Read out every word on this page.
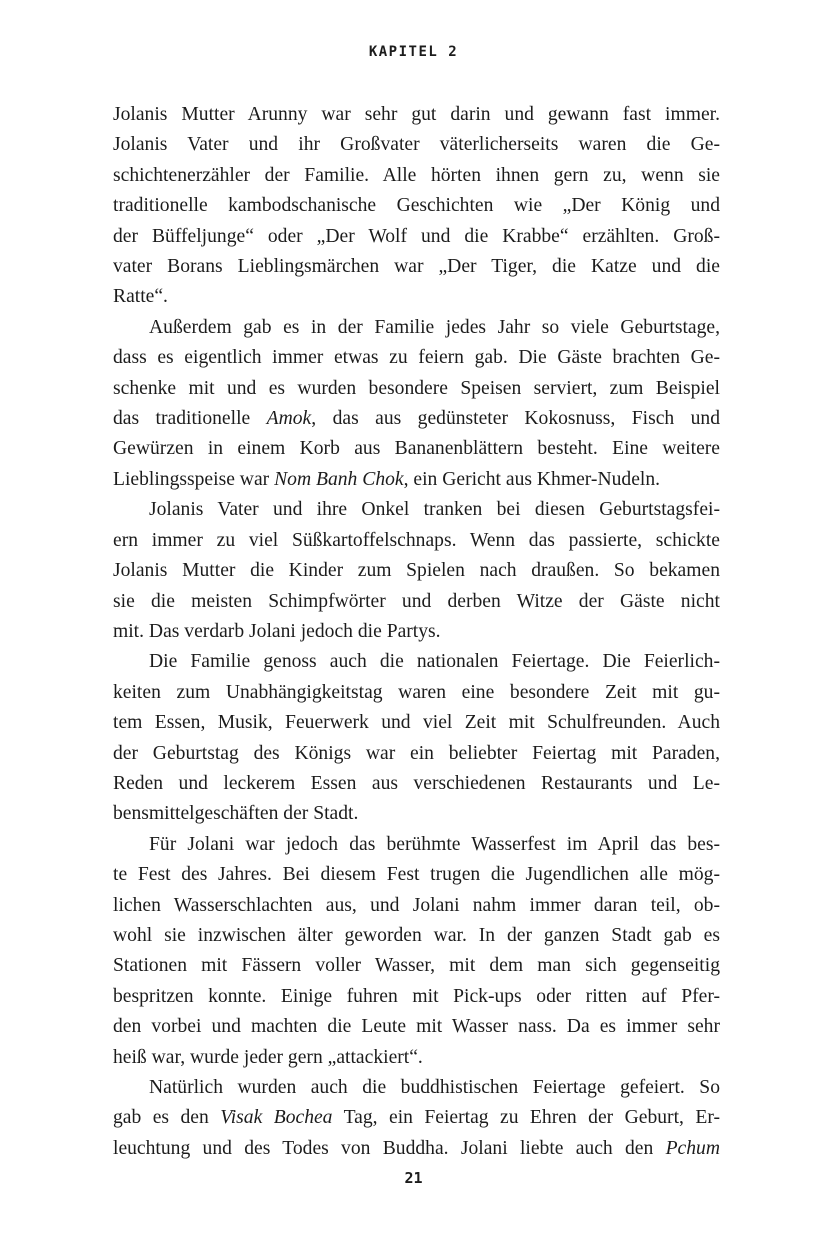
KAPITEL 2
Jolanis Mutter Arunny war sehr gut darin und gewann fast immer.
Jolanis Vater und ihr Großvater väterlicherseits waren die Ge-
schichtenerzähler der Familie. Alle hörten ihnen gern zu, wenn sie
traditionelle kambodschanische Geschichten wie „Der König und
der Büffeljunge“ oder „Der Wolf und die Krabbe“ erzählten. Groß-
vater Borans Lieblingsmärchen war „Der Tiger, die Katze und die
Ratte“.
Außerdem gab es in der Familie jedes Jahr so viele Geburtstage,
dass es eigentlich immer etwas zu feiern gab. Die Gäste brachten Ge-
schenke mit und es wurden besondere Speisen serviert, zum Beispiel
das traditionelle Amok, das aus gedünsteter Kokosnuss, Fisch und
Gewürzen in einem Korb aus Bananenblättern besteht. Eine weitere
Lieblingsspeise war Nom Banh Chok, ein Gericht aus Khmer-Nudeln.
Jolanis Vater und ihre Onkel tranken bei diesen Geburtstagsfei-
ern immer zu viel Süßkartoffelschnaps. Wenn das passierte, schickte
Jolanis Mutter die Kinder zum Spielen nach draußen. So bekamen
sie die meisten Schimpfwörter und derben Witze der Gäste nicht
mit. Das verdarb Jolani jedoch die Partys.
Die Familie genoss auch die nationalen Feiertage. Die Feierlich-
keiten zum Unabhängigkeitstag waren eine besondere Zeit mit gu-
tem Essen, Musik, Feuerwerk und viel Zeit mit Schulfreunden. Auch
der Geburtstag des Königs war ein beliebter Feiertag mit Paraden,
Reden und leckerem Essen aus verschiedenen Restaurants und Le-
bensmittelgeschäften der Stadt.
Für Jolani war jedoch das berühmte Wasserfest im April das bes-
te Fest des Jahres. Bei diesem Fest trugen die Jugendlichen alle mög-
lichen Wasserschlachten aus, und Jolani nahm immer daran teil, ob-
wohl sie inzwischen älter geworden war. In der ganzen Stadt gab es
Stationen mit Fässern voller Wasser, mit dem man sich gegenseitig
bespritzen konnte. Einige fuhren mit Pick-ups oder ritten auf Pfer-
den vorbei und machten die Leute mit Wasser nass. Da es immer sehr
heiß war, wurde jeder gern „attackiert“.
Natürlich wurden auch die buddhistischen Feiertage gefeiert. So
gab es den Visak Bochea Tag, ein Feiertag zu Ehren der Geburt, Er-
leuchtung und des Todes von Buddha. Jolani liebte auch den Pchum
21
